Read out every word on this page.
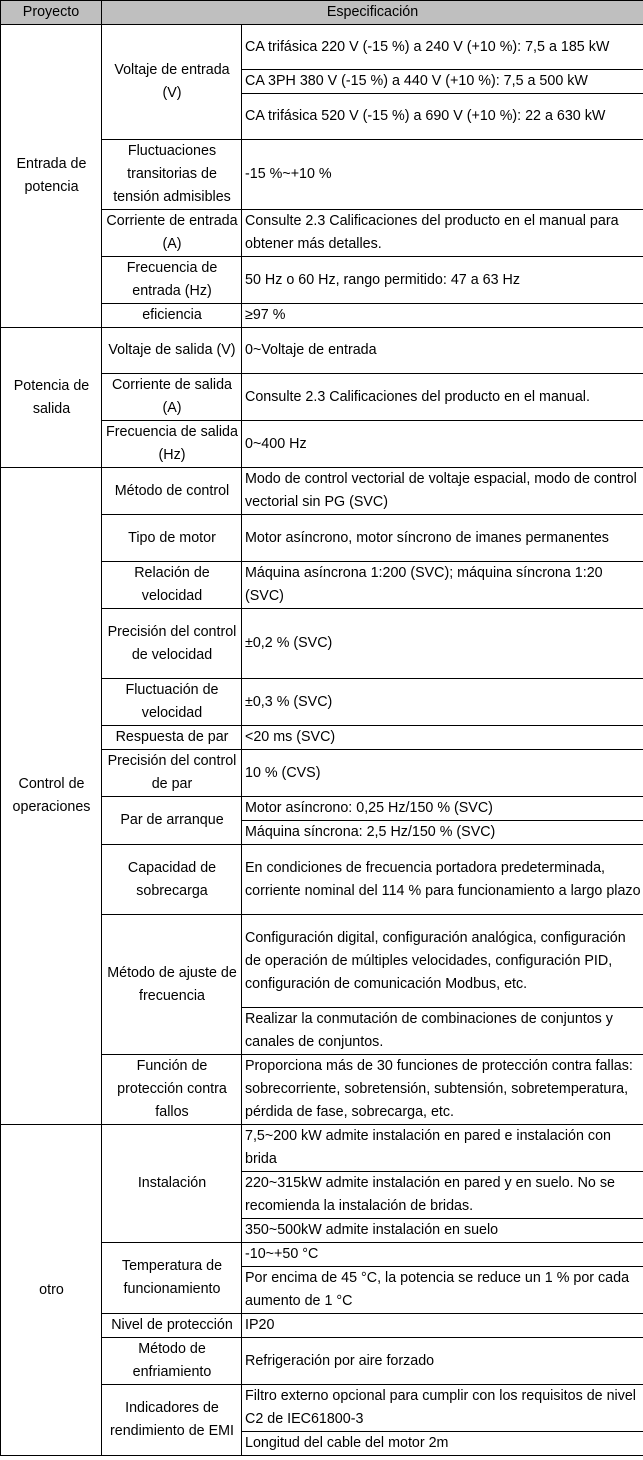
Proyecto	Especificación	
Entrada de potencia	Voltaje de entrada (V)	CA trifásica 220 V (-15 %) a 240 V (+10 %): 7,5 a 185 kW
		CA 3PH 380 V (-15 %) a 440 V (+10 %): 7,5 a 500 kW
		CA trifásica 520 V (-15 %) a 690 V (+10 %): 22 a 630 kW
	Fluctuaciones transitorias de tensión admisibles	-15 %~+10 %
	Corriente de entrada (A)	Consulte 2.3 Calificaciones del producto en el manual para obtener más detalles.
	Frecuencia de entrada (Hz)	50 Hz o 60 Hz, rango permitido: 47 a 63 Hz
	eficiencia	≥97 %
Potencia de salida	Voltaje de salida (V)	0~Voltaje de entrada
	Corriente de salida (A)	Consulte 2.3 Calificaciones del producto en el manual.
	Frecuencia de salida (Hz)	0~400 Hz
Control de operaciones	Método de control	Modo de control vectorial de voltaje espacial, modo de control vectorial sin PG (SVC)
	Tipo de motor	Motor asíncrono, motor síncrono de imanes permanentes
	Relación de velocidad	Máquina asíncrona 1:200 (SVC); máquina síncrona 1:20 (SVC)
	Precisión del control de velocidad	±0,2 % (SVC)
	Fluctuación de velocidad	±0,3 % (SVC)
	Respuesta de par	<20 ms (SVC)
	Precisión del control de par	10 % (CVS)
	Par de arranque	Motor asíncrono: 0,25 Hz/150 % (SVC)
		Máquina síncrona: 2,5 Hz/150 % (SVC)
	Capacidad de sobrecarga	En condiciones de frecuencia portadora predeterminada, corriente nominal del 114 % para funcionamiento a largo plazo
	Método de ajuste de frecuencia	Configuración digital, configuración analógica, configuración de operación de múltiples velocidades, configuración PID, configuración de comunicación Modbus, etc.
		Realizar la conmutación de combinaciones de conjuntos y canales de conjuntos.
	Función de protección contra fallos	Proporciona más de 30 funciones de protección contra fallas: sobrecorriente, sobretensión, subtensión, sobretemperatura, pérdida de fase, sobrecarga, etc.
otro	Instalación	7,5~200 kW admite instalación en pared e instalación con brida
		220~315kW admite instalación en pared y en suelo. No se recomienda la instalación de bridas.
		350~500kW admite instalación en suelo
	Temperatura de funcionamiento	-10~+50 °C
		Por encima de 45 °C, la potencia se reduce un 1 % por cada aumento de 1 °C
	Nivel de protección	IP20
	Método de enfriamiento	Refrigeración por aire forzado
	Indicadores de rendimiento de EMI	Filtro externo opcional para cumplir con los requisitos de nivel C2 de IEC61800-3
		Longitud del cable del motor 2m
